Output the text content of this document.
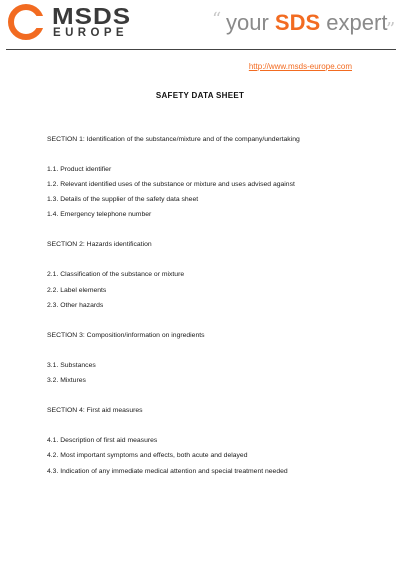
MSDS
EUROPE
“ your SDS expert
”
http://www.msds-europe.com
SAFETY DATA SHEET
SECTION 1: Identification of the substance/mixture and of the company/undertaking
1.1. Product identifier
1.2. Relevant identified uses of the substance or mixture and uses advised against
1.3. Details of the supplier of the safety data sheet
1.4. Emergency telephone number
SECTION 2: Hazards identification
2.1. Classification of the substance or mixture
2.2. Label elements
2.3. Other hazards
SECTION 3: Composition/information on ingredients
3.1. Substances
3.2. Mixtures
SECTION 4: First aid measures
4.1. Description of first aid measures
4.2. Most important symptoms and effects, both acute and delayed
4.3. Indication of any immediate medical attention and special treatment needed
